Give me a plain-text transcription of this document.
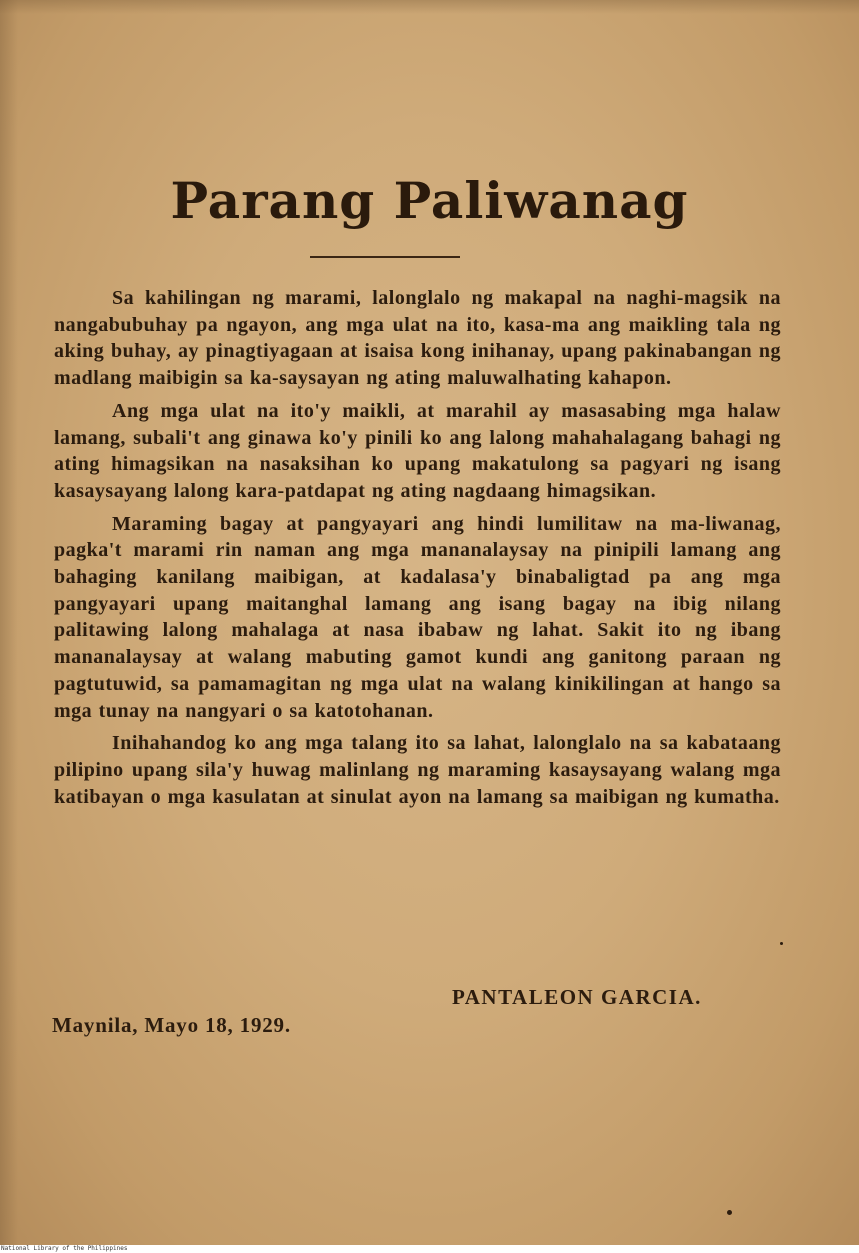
Parang Paliwanag

Sa kahilingan ng marami, lalonglalo ng makapal na naghi-magsik na nangabubuhay pa ngayon, ang mga ulat na ito, kasa-ma ang maikling tala ng aking buhay, ay pinagtiyagaan at isaisa kong inihanay, upang pakinabangan ng madlang maibigin sa ka-saysayan ng ating maluwalhating kahapon.

Ang mga ulat na ito'y maikli, at marahil ay masasabing mga halaw lamang, subali't ang ginawa ko'y pinili ko ang lalong mahahalagang bahagi ng ating himagsikan na nasaksihan ko upang makatulong sa pagyari ng isang kasaysayang lalong kara-patdapat ng ating nagdaang himagsikan.

Maraming bagay at pangyayari ang hindi lumilitaw na ma-liwanag, pagka't marami rin naman ang mga mananalaysay na pinipili lamang ang bahaging kanilang maibigan, at kadalasa'y binabaligtad pa ang mga pangyayari upang maitanghal lamang ang isang bagay na ibig nilang palitawing lalong mahalaga at nasa ibabaw ng lahat. Sakit ito ng ibang mananalaysay at walang mabuting gamot kundi ang ganitong paraan ng pagtutuwid, sa pamamagitan ng mga ulat na walang kinikilingan at hango sa mga tunay na nangyari o sa katotohanan.

Inihahandog ko ang mga talang ito sa lahat, lalonglalo na sa kabataang pilipino upang sila'y huwag malinlang ng maraming kasaysayang walang mga katibayan o mga kasulatan at sinulat ayon na lamang sa maibigan ng kumatha.

PANTALEON GARCIA.
Maynila, Mayo 18, 1929.
National Library of the Philippines
